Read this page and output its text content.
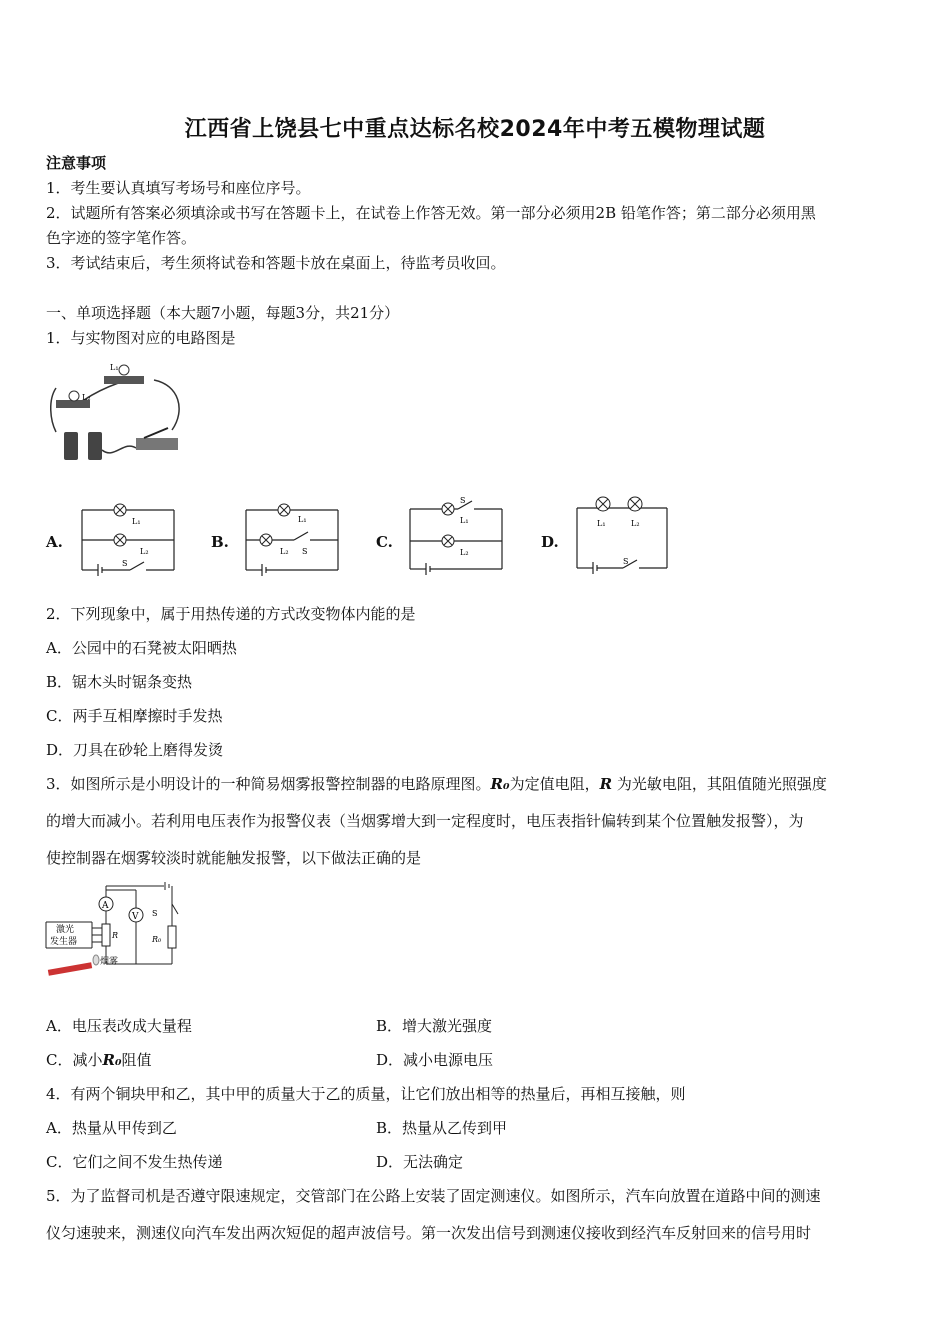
江西省上饶县七中重点达标名校2024年中考五模物理试题
注意事项
1．考生要认真填写考场号和座位序号。
2．试题所有答案必须填涂或书写在答题卡上，在试卷上作答无效。第一部分必须用2B 铅笔作答；第二部分必须用黑
色字迹的签字笔作答。
3．考试结束后，考生须将试卷和答题卡放在桌面上，待监考员收回。
一、单项选择题（本大题7小题，每题3分，共21分）
1．与实物图对应的电路图是
L₁
L₂
A.
L₁
L₂
S
B.
L₁
L₂ S
C.
S
L₁
L₂
D.
L₁	L₂
S
2．下列现象中，属于用热传递的方式改变物体内能的是
A．公园中的石凳被太阳晒热
B．锯木头时锯条变热
C．两手互相摩擦时手发热
D．刀具在砂轮上磨得发烫
3．如图所示是小明设计的一种简易烟雾报警控制器的电路原理图。R₀为定值电阻，R 为光敏电阻，其阻值随光照强度
的增大而减小。若利用电压表作为报警仪表（当烟雾增大到一定程度时，电压表指针偏转到某个位置触发报警），为
使控制器在烟雾较淡时就能触发报警，以下做法正确的是
A
V S
R	R₀
激光
发生器
烟雾
A．电压表改成大量程	B．增大激光强度
C．减小R₀阻值	D．减小电源电压
4．有两个铜块甲和乙，其中甲的质量大于乙的质量，让它们放出相等的热量后，再相互接触，则
A．热量从甲传到乙	B．热量从乙传到甲
C．它们之间不发生热传递	D．无法确定
5．为了监督司机是否遵守限速规定，交管部门在公路上安装了固定测速仪。如图所示，汽车向放置在道路中间的测速
仪匀速驶来，测速仪向汽车发出两次短促的超声波信号。第一次发出信号到测速仪接收到经汽车反射回来的信号用时
